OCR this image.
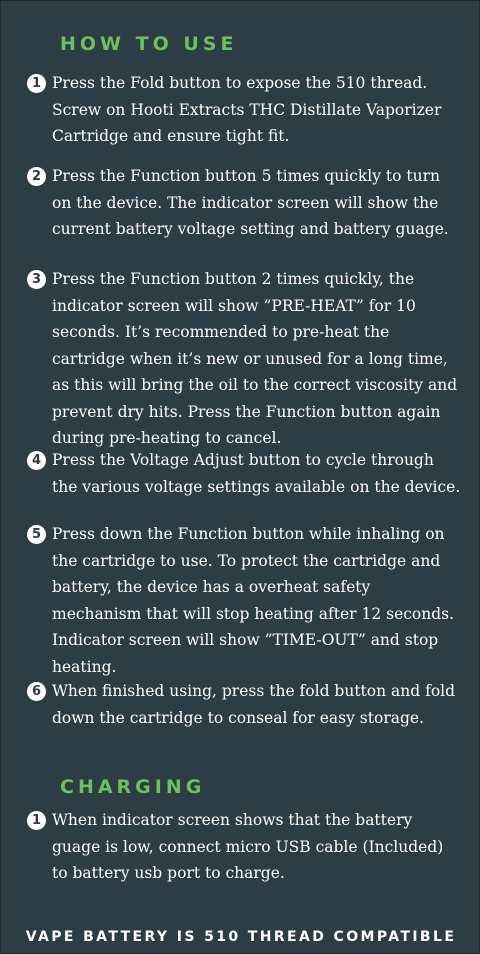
HOW TO USE
1 Press the Fold button to expose the 510 thread. Screw on Hooti Extracts THC Distillate Vaporizer Cartridge and ensure tight fit.
2 Press the Function button 5 times quickly to turn on the device. The indicator screen will show the current battery voltage setting and battery guage.
3 Press the Function button 2 times quickly, the indicator screen will show ”PRE-HEAT” for 10 seconds. It’s recommended to pre-heat the cartridge when it’s new or unused for a long time, as this will bring the oil to the correct viscosity and prevent dry hits. Press the Function button again during pre-heating to cancel.
4 Press the Voltage Adjust button to cycle through the various voltage settings available on the device.
5 Press down the Function button while inhaling on the cartridge to use. To protect the cartridge and battery, the device has a overheat safety mechanism that will stop heating after 12 seconds. Indicator screen will show ”TIME-OUT” and stop heating.
6 When finished using, press the fold button and fold down the cartridge to conseal for easy storage.
CHARGING
1 When indicator screen shows that the battery guage is low, connect micro USB cable (Included) to battery usb port to charge.
VAPE BATTERY IS 510 THREAD COMPATIBLE
